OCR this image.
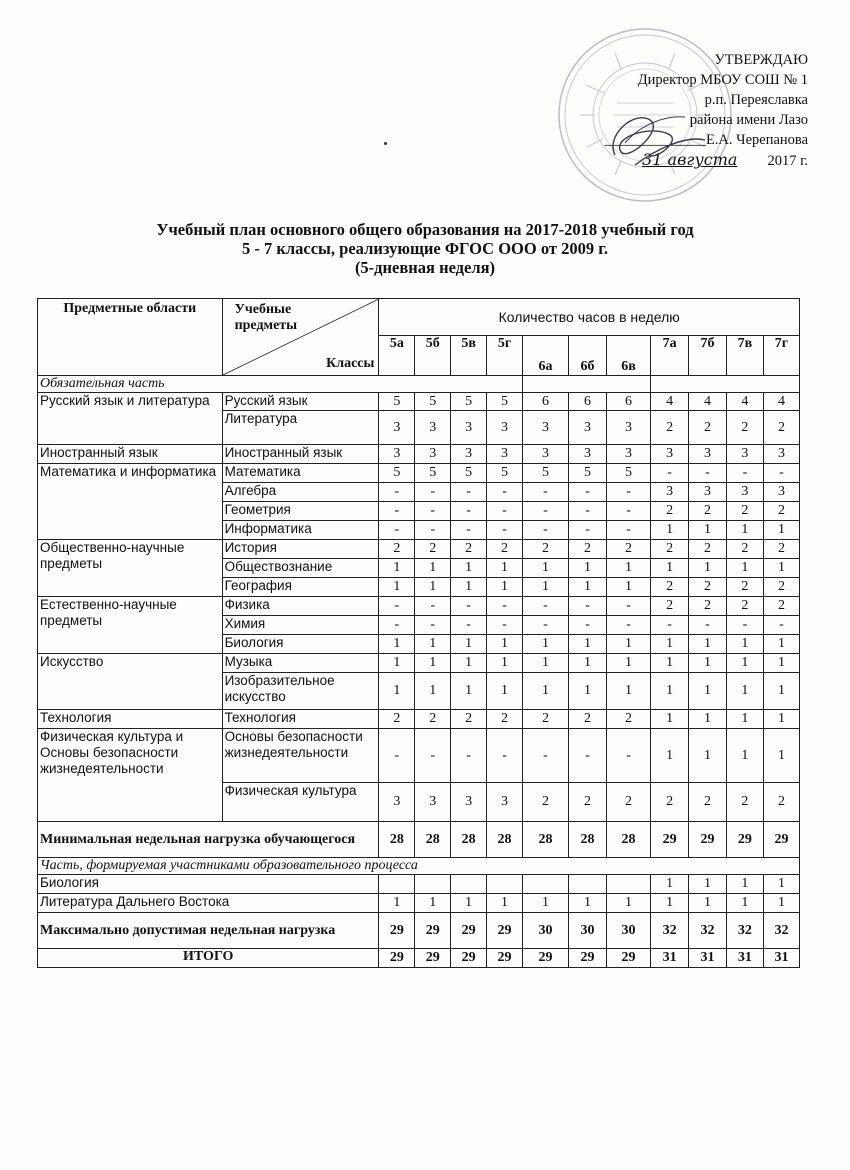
УТВЕРЖДАЮ
Директор МБОУ СОШ № 1
р.п. Переяславка
района имени Лазо
______________Е.А. Черепанова
31 августа 2017 г.
Учебный план основного общего образования на 2017-2018 учебный год
5 - 7 классы, реализующие ФГОС ООО от 2009 г.
(5-дневная неделя)
Предметные области	Учебные предметы
Классы	Количество часов в неделю										
		5а	5б	5в	5г	6а	6б	6в	7а	7б	7в	7г
Обязательная часть												
Русский язык и литература	Русский язык	5	5	5	5	6	6	6	4	4	4	4
	Литература	3	3	3	3	3	3	3	2	2	2	2
Иностранный язык	Иностранный язык	3	3	3	3	3	3	3	3	3	3	3
Математика и информатика	Математика	5	5	5	5	5	5	5	-	-	-	-
	Алгебра	-	-	-	-	-	-	-	3	3	3	3
	Геометрия	-	-	-	-	-	-	-	2	2	2	2
	Информатика	-	-	-	-	-	-	-	1	1	1	1
Общественно-научные предметы	История	2	2	2	2	2	2	2	2	2	2	2
	Обществознание	1	1	1	1	1	1	1	1	1	1	1
	География	1	1	1	1	1	1	1	2	2	2	2
Естественно-научные предметы	Физика	-	-	-	-	-	-	-	2	2	2	2
	Химия	-	-	-	-	-	-	-	-	-	-	-
	Биология	1	1	1	1	1	1	1	1	1	1	1
Искусство	Музыка	1	1	1	1	1	1	1	1	1	1	1
	Изобразительное искусство	1	1	1	1	1	1	1	1	1	1	1
Технология	Технология	2	2	2	2	2	2	2	1	1	1	1
Физическая культура и Основы безопасности жизнедеятельности	Основы безопасности жизнедеятельности	-	-	-	-	-	-	-	1	1	1	1
	Физическая культура	3	3	3	3	2	2	2	2	2	2	2
Минимальная недельная нагрузка обучающегося		28	28	28	28	28	28	28	29	29	29	29
Часть, формируемая участниками образовательного процесса												
Биология									1	1	1	1
Литература Дальнего Востока		1	1	1	1	1	1	1	1	1	1	1
Максимально допустимая недельная нагрузка		29	29	29	29	30	30	30	32	32	32	32
ИТОГО		29	29	29	29	29	29	29	31	31	31	31
